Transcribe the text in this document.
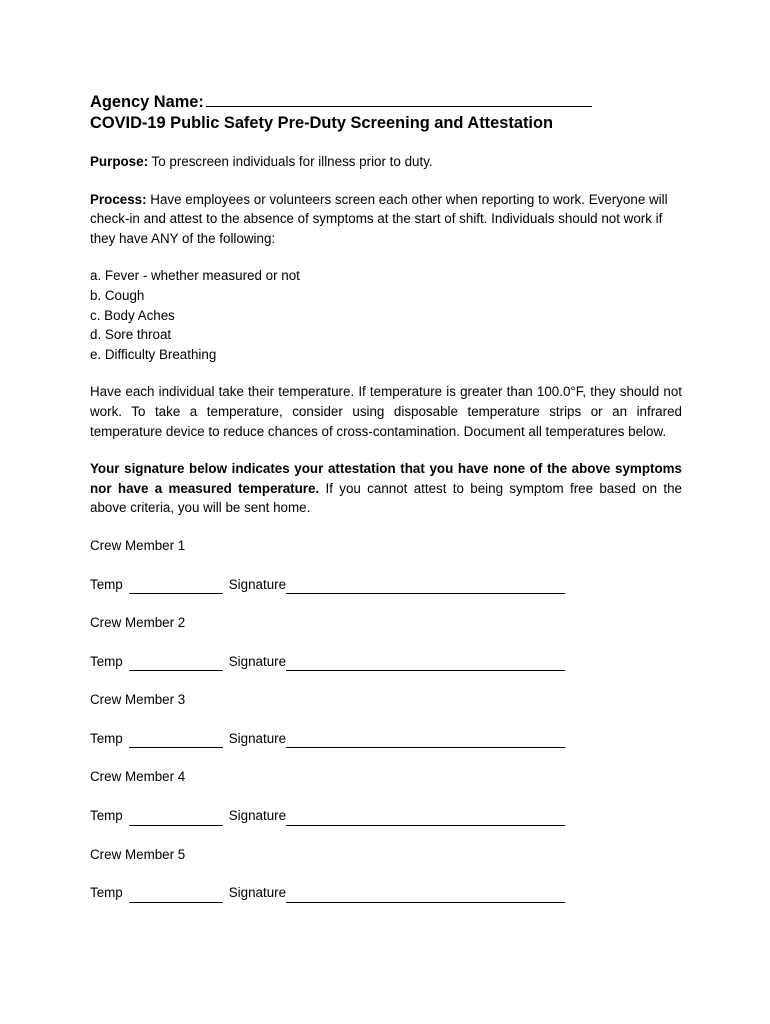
Agency Name:
COVID-19 Public Safety Pre-Duty Screening and Attestation

Purpose: To prescreen individuals for illness prior to duty.

Process: Have employees or volunteers screen each other when reporting to work. Everyone will check-in and attest to the absence of symptoms at the start of shift. Individuals should not work if they have ANY of the following:

a. Fever - whether measured or not
b. Cough
c. Body Aches
d. Sore throat
e. Difficulty Breathing

Have each individual take their temperature. If temperature is greater than 100.0°F, they should not work. To take a temperature, consider using disposable temperature strips or an infrared temperature device to reduce chances of cross-contamination. Document all temperatures below.

Your signature below indicates your attestation that you have none of the above symptoms nor have a measured temperature. If you cannot attest to being symptom free based on the above criteria, you will be sent home.

Crew Member 1
Temp	Signature
Crew Member 2
Temp	Signature
Crew Member 3
Temp	Signature
Crew Member 4
Temp	Signature
Crew Member 5
Temp	Signature
